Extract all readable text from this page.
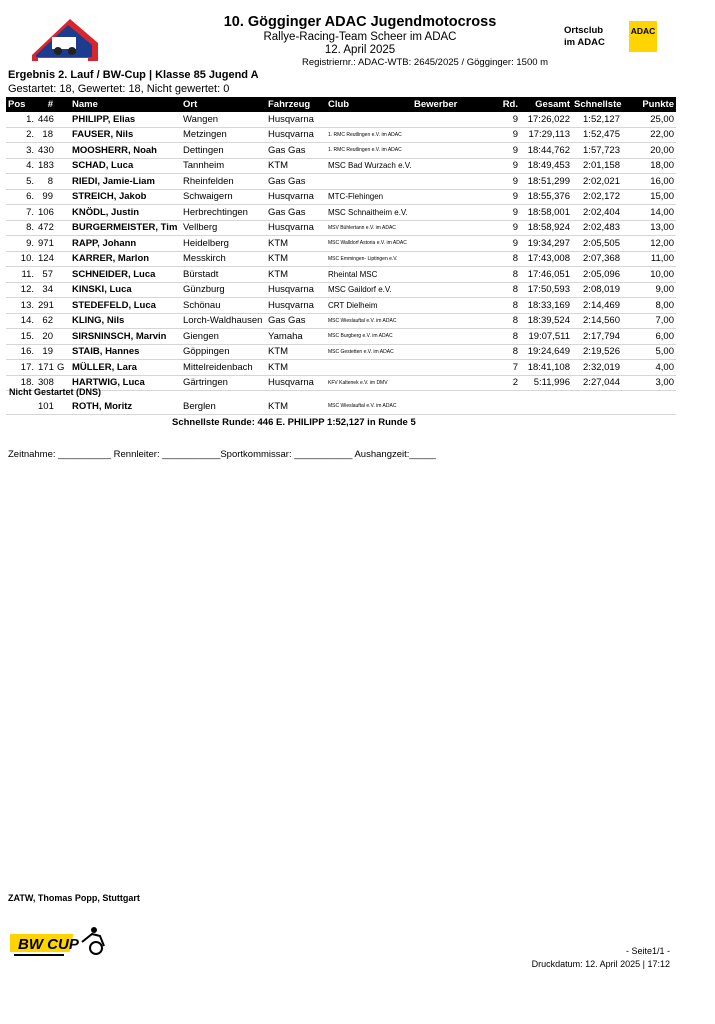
10. Gögginger ADAC Jugendmotocross
Rallye-Racing-Team Scheer im ADAC
12. April 2025
Registriernr.: ADAC-WTB: 2645/2025 / Gögginger: 1500 m
Ortsclub
im ADAC
ADAC
Ergebnis 2. Lauf / BW-Cup | Klasse 85 Jugend A
Gestartet: 18, Gewertet: 18, Nicht gewertet: 0
Pos	#		Name	Ort	Fahrzeug	Club	Bewerber	Rd.	Gesamt	Schnellste	Punkte
1.	446		PHILIPP, Elias	Wangen	Husqvarna			9	17:26,022	1:52,127	25,00
2.	18		FAUSER, Nils	Metzingen	Husqvarna	1. RMC Reutlingen e.V. im ADAC		9	17:29,113	1:52,475	22,00
3.	430		MOOSHERR, Noah	Dettingen	Gas Gas	1. RMC Reutlingen e.V. im ADAC		9	18:44,762	1:57,723	20,00
4.	183		SCHAD, Luca	Tannheim	KTM	MSC Bad Wurzach e.V.		9	18:49,453	2:01,158	18,00
5.	8		RIEDI, Jamie-Liam	Rheinfelden	Gas Gas			9	18:51,299	2:02,021	16,00
6.	99		STREICH, Jakob	Schwaigern	Husqvarna	MTC-Flehingen		9	18:55,376	2:02,172	15,00
7.	106		KNÖDL, Justin	Herbrechtingen	Gas Gas	MSC Schnaitheim e.V.		9	18:58,001	2:02,404	14,00
8.	472		BURGERMEISTER, Tim	Vellberg	Husqvarna	MSV Bühlertann e.V. im ADAC		9	18:58,924	2:02,483	13,00
9.	971		RAPP, Johann	Heidelberg	KTM	MSC Walldorf Astoria e.V. im ADAC		9	19:34,297	2:05,505	12,00
10.	124		KARRER, Marlon	Messkirch	KTM	MSC Emmingen- Liptingen e.V.		8	17:43,008	2:07,368	11,00
11.	57		SCHNEIDER, Luca	Bürstadt	KTM	Rheintal MSC		8	17:46,051	2:05,096	10,00
12.	34		KINSKI, Luca	Günzburg	Husqvarna	MSC Gaildorf e.V.		8	17:50,593	2:08,019	9,00
13.	291		STEDEFELD, Luca	Schönau	Husqvarna	CRT Dielheim		8	18:33,169	2:14,469	8,00
14.	62		KLING, Nils	Lorch-Waldhausen	Gas Gas	MSC Wieslauftal e.V. im ADAC		8	18:39,524	2:14,560	7,00
15.	20		SIRSNINSCH, Marvin	Giengen	Yamaha	MSC Burgberg e.V. im ADAC		8	19:07,511	2:17,794	6,00
16.	19		STAIB, Hannes	Göppingen	KTM	MSC Gestetten e.V. im ADAC		8	19:24,649	2:19,526	5,00
17.	171	G	MÜLLER, Lara	Mittelreidenbach	KTM			7	18:41,108	2:32,019	4,00
18.	308		HARTWIG, Luca	Gärtringen	Husqvarna	KFV Kaltenek e.V. im DMV		2	5:11,996	2:27,044	3,00
Nicht Gestartet (DNS)
	101		ROTH, Moritz	Berglen	KTM	MSC Wieslauftal e.V. im ADAC					
Schnellste Runde: 446 E. PHILIPP 1:52,127 in Runde 5
Zeitnahme: __________ Rennleiter: ___________Sportkommissar: ___________ Aushangzeit:_____
ZATW, Thomas Popp, Stuttgart
BW CUP	- Seite1/1 -
Druckdatum: 12. April 2025 | 17:12
